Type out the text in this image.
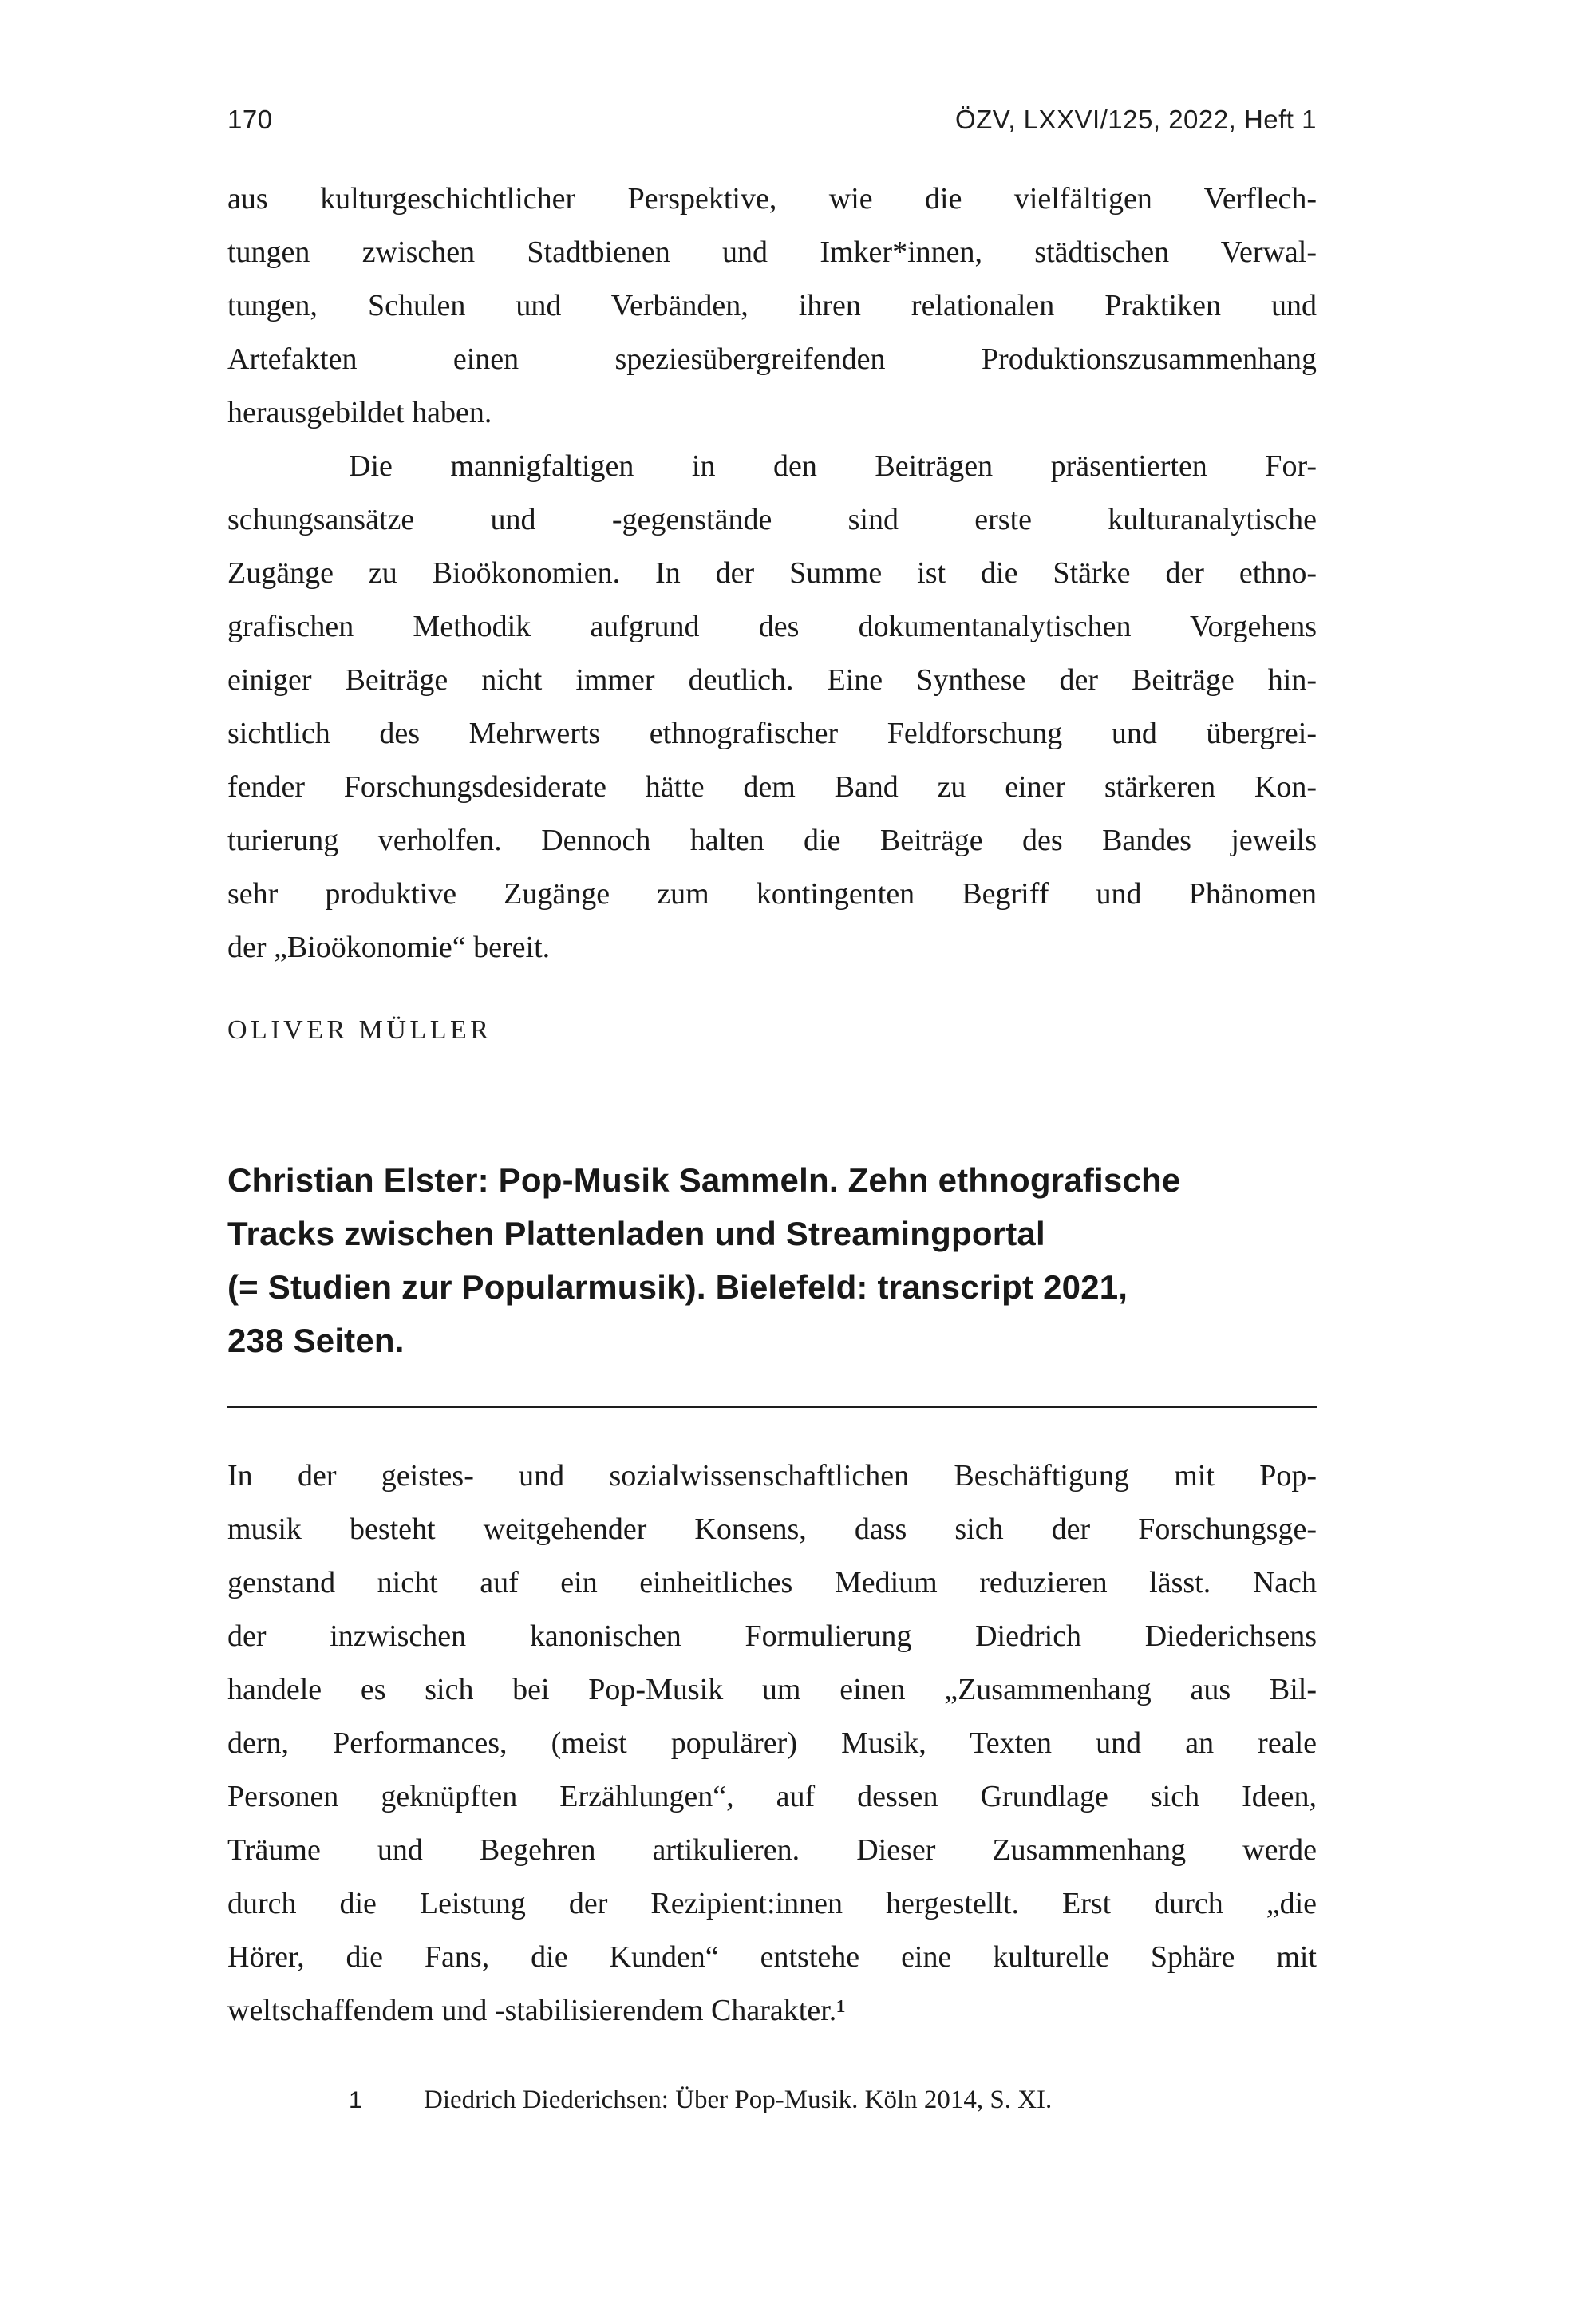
170	ÖZV, LXXVI/125, 2022, Heft 1
aus kulturgeschichtlicher Perspektive, wie die vielfältigen Verflech-
tungen zwischen Stadtbienen und Imker*innen, städtischen Verwal-
tungen, Schulen und Verbänden, ihren relationalen Praktiken und
Artefakten einen speziesübergreifenden Produktionszusammenhang
herausgebildet haben.
Die mannigfaltigen in den Beiträgen präsentierten For-
schungsansätze und -gegenstände sind erste kulturanalytische
Zugänge zu Bioökonomien. In der Summe ist die Stärke der ethno-
grafischen Methodik aufgrund des dokumentanalytischen Vorgehens
einiger Beiträge nicht immer deutlich. Eine Synthese der Beiträge hin-
sichtlich des Mehrwerts ethnografischer Feldforschung und übergrei-
fender Forschungsdesiderate hätte dem Band zu einer stärkeren Kon-
turierung verholfen. Dennoch halten die Beiträge des Bandes jeweils
sehr produktive Zugänge zum kontingenten Begriff und Phänomen
der „Bioökonomie“ bereit.
OLIVER MÜLLER
Christian Elster: Pop-Musik Sammeln. Zehn ethnografische
Tracks zwischen Plattenladen und Streamingportal
(= Studien zur Popularmusik). Bielefeld: transcript 2021,
238 Seiten.
In der geistes- und sozialwissenschaftlichen Beschäftigung mit Pop-
musik besteht weitgehender Konsens, dass sich der Forschungsge-
genstand nicht auf ein einheitliches Medium reduzieren lässt. Nach
der inzwischen kanonischen Formulierung Diedrich Diederichsens
handele es sich bei Pop-Musik um einen „Zusammenhang aus Bil-
dern, Performances, (meist populärer) Musik, Texten und an reale
Personen geknüpften Erzählungen“, auf dessen Grundlage sich Ideen,
Träume und Begehren artikulieren. Dieser Zusammenhang werde
durch die Leistung der Rezipient:innen hergestellt. Erst durch „die
Hörer, die Fans, die Kunden“ entstehe eine kulturelle Sphäre mit
weltschaffendem und -stabilisierendem Charakter.¹
1	Diedrich Diederichsen: Über Pop-Musik. Köln 2014, S. XI.
